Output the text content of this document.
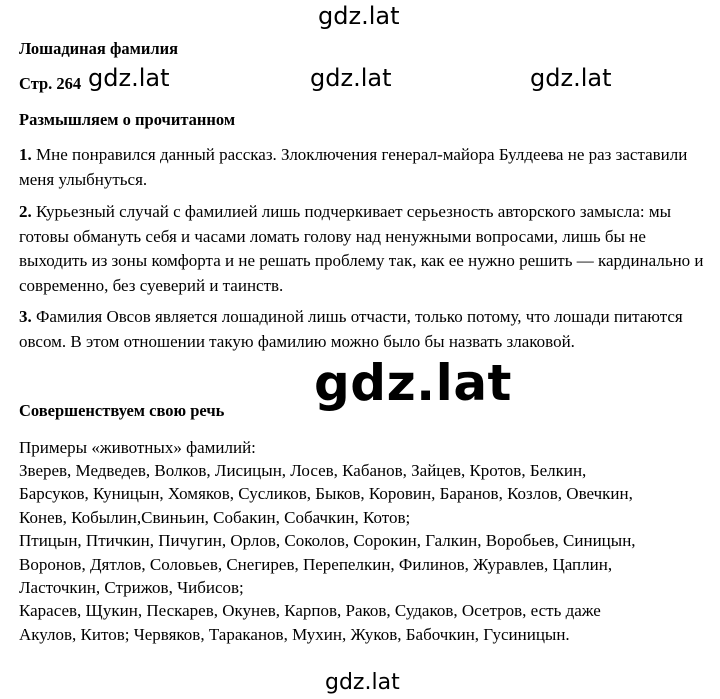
gdz.lat
Лошадиная фамилия
Стр. 264 gdz.lat	gdz.lat	gdz.lat
Размышляем о прочитанном

1. Мне понравился данный рассказ. Злоключения генерал-майора Булдеева не раз заставили меня улыбнуться.

2. Курьезный случай с фамилией лишь подчеркивает серьезность авторского замысла: мы готовы обмануть себя и часами ломать голову над ненужными вопросами, лишь бы не выходить из зоны комфорта и не решать проблему так, как ее нужно решить — кардинально и современно, без суеверий и таинств.

3. Фамилия Овсов является лошадиной лишь отчасти, только потому, что лошади питаются овсом. В этом отношении такую фамилию можно было бы назвать злаковой.

gdz.lat
Совершенствуем свою речь
Примеры «животных» фамилий:
Зверев, Медведев, Волков, Лисицын, Лосев, Кабанов, Зайцев, Кротов, Белкин,
Барсуков, Куницын, Хомяков, Сусликов, Быков, Коровин, Баранов, Козлов, Овечкин,
Конев, Кобылин,Свиньин, Собакин, Собачкин, Котов;
Птицын, Птичкин, Пичугин, Орлов, Соколов, Сорокин, Галкин, Воробьев, Синицын,
Воронов, Дятлов, Соловьев, Снегирев, Перепелкин, Филинов, Журавлев, Цаплин,
Ласточкин, Стрижов, Чибисов;
Карасев, Щукин, Пескарев, Окунев, Карпов, Раков, Судаков, Осетров, есть даже
Акулов, Китов; Червяков, Тараканов, Мухин, Жуков, Бабочкин, Гусиницын.
gdz.lat
